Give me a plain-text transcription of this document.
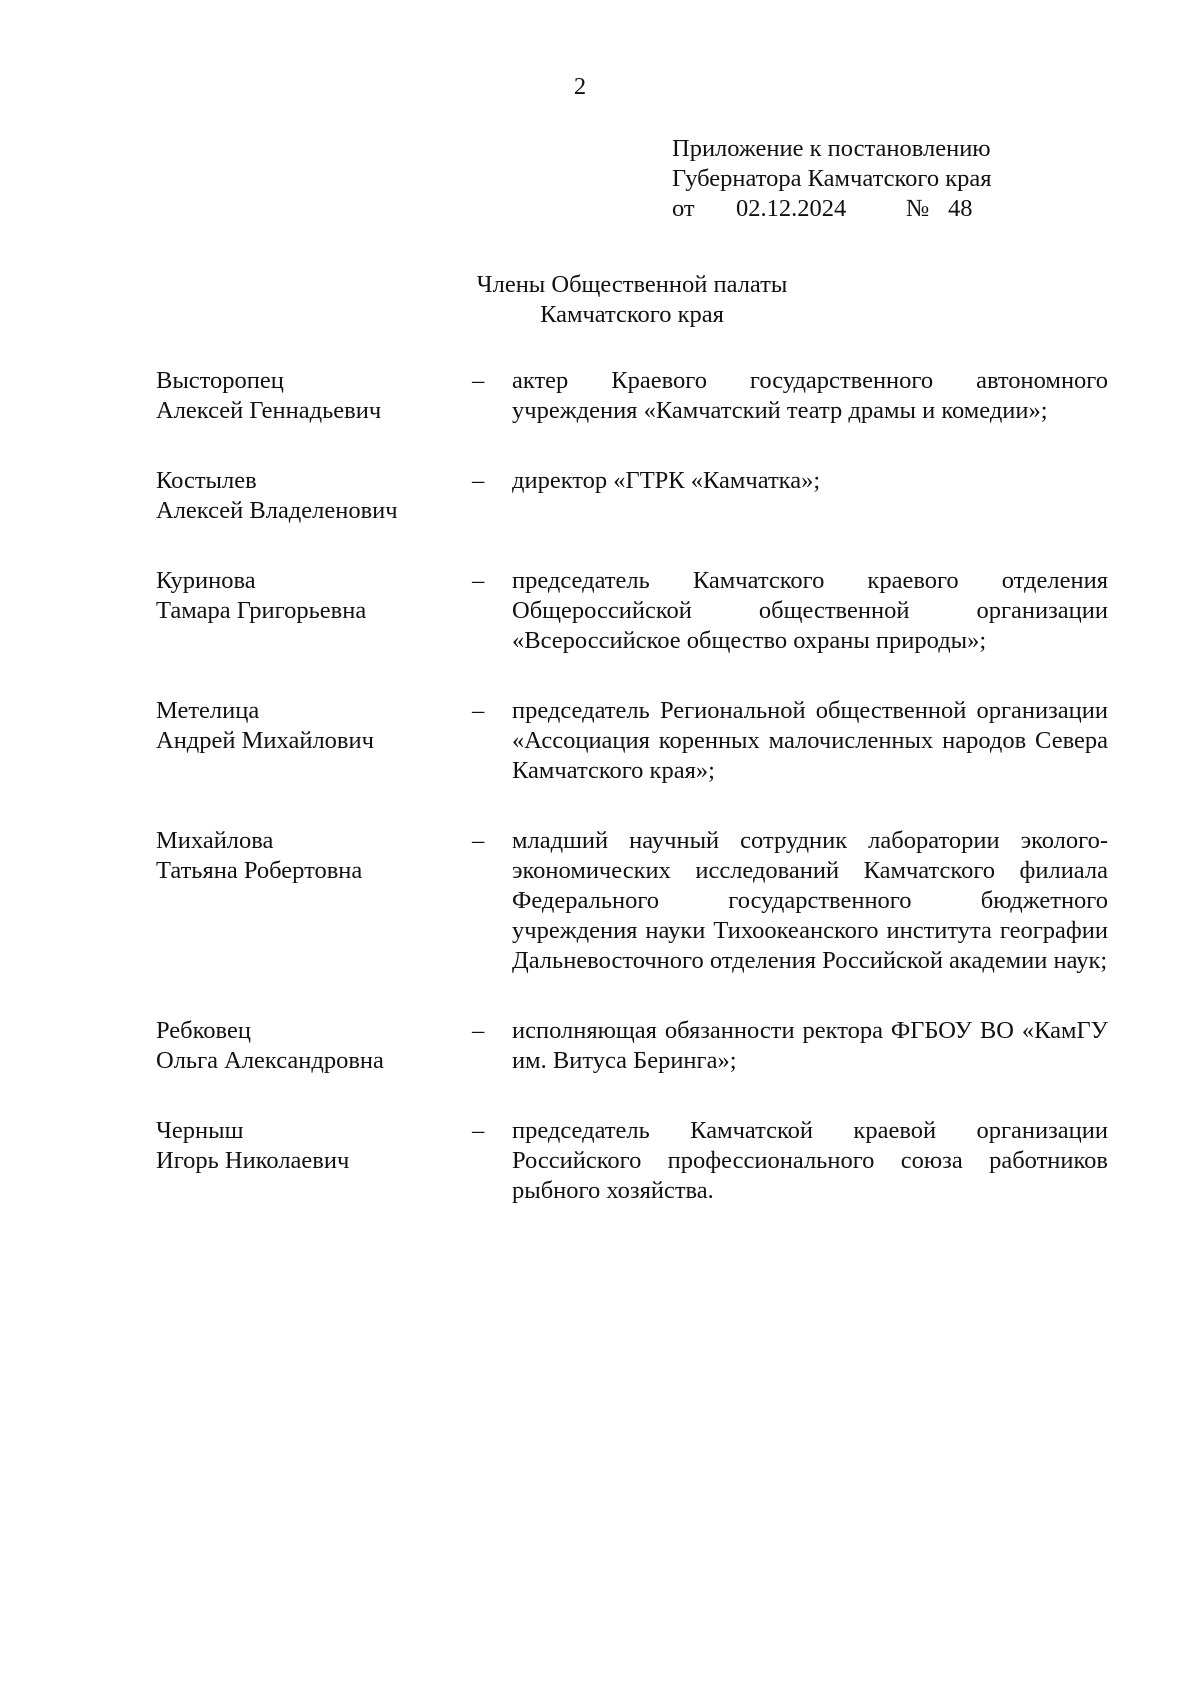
2
Приложение к постановлению
Губернатора Камчатского края
от 02.12.2024 № 48
Члены Общественной палаты
Камчатского края
Высторопец
Алексей Геннадьевич
–	актер Краевого государственного автономного учреждения «Камчатский театр драмы и комедии»;
Костылев
Алексей Владеленович
–	директор «ГТРК «Камчатка»;
Куринова
Тамара Григорьевна
–	председатель Камчатского краевого отделения Общероссийской общественной организации «Всероссийское общество охраны природы»;
Метелица
Андрей Михайлович
–	председатель Региональной общественной организации «Ассоциация коренных малочисленных народов Севера Камчатского края»;
Михайлова
Татьяна Робертовна
–	младший научный сотрудник лаборатории эколого-экономических исследований Камчатского филиала Федерального государственного бюджетного учреждения науки Тихоокеанского института географии Дальневосточного отделения Российской академии наук;
Ребковец
Ольга Александровна
–	исполняющая обязанности ректора ФГБОУ ВО «КамГУ им. Витуса Беринга»;
Черныш
Игорь Николаевич
–	председатель Камчатской краевой организации Российского профессионального союза работников рыбного хозяйства.
